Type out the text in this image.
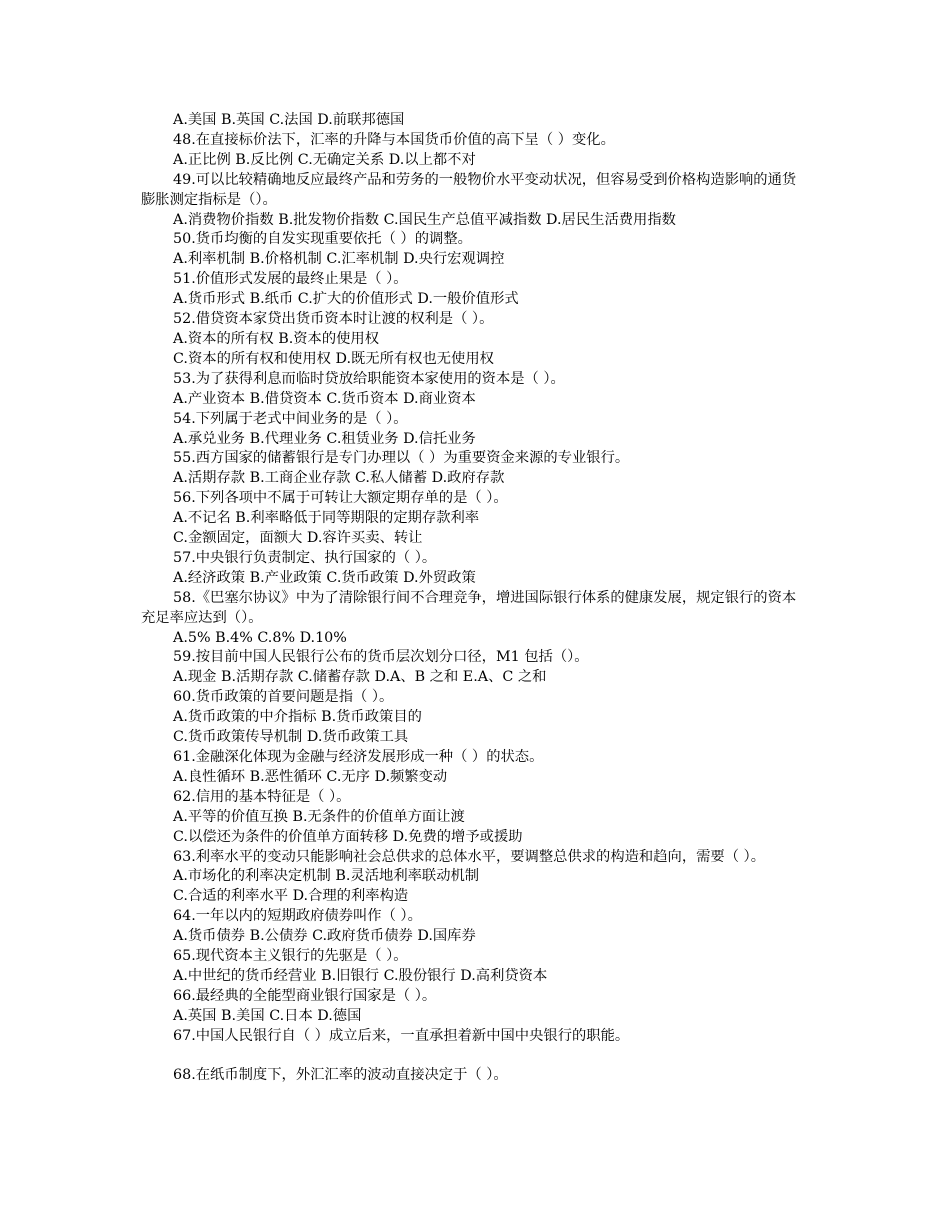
A.美国 B.英国 C.法国 D.前联邦德国

48.在直接标价法下，汇率的升降与本国货币价值的高下呈（ ）变化。

A.正比例 B.反比例 C.无确定关系 D.以上都不对

49.可以比较精确地反应最终产品和劳务的一般物价水平变动状况，但容易受到价格构造影响的通货膨胀测定指标是（）。

A.消费物价指数 B.批发物价指数 C.国民生产总值平减指数 D.居民生活费用指数

50.货币均衡的自发实现重要依托（ ）的调整。

A.利率机制 B.价格机制 C.汇率机制 D.央行宏观调控

51.价值形式发展的最终止果是（ ）。

A.货币形式 B.纸币 C.扩大的价值形式 D.一般价值形式

52.借贷资本家贷出货币资本时让渡的权利是（ ）。

A.资本的所有权 B.资本的使用权

C.资本的所有权和使用权 D.既无所有权也无使用权

53.为了获得利息而临时贷放给职能资本家使用的资本是（ ）。

A.产业资本 B.借贷资本 C.货币资本 D.商业资本

54.下列属于老式中间业务的是（ ）。

A.承兑业务 B.代理业务 C.租赁业务 D.信托业务

55.西方国家的储蓄银行是专门办理以（ ）为重要资金来源的专业银行。

A.活期存款 B.工商企业存款 C.私人储蓄 D.政府存款

56.下列各项中不属于可转让大额定期存单的是（ ）。

A.不记名 B.利率略低于同等期限的定期存款利率

C.金额固定，面额大 D.容许买卖、转让

57.中央银行负责制定、执行国家的（ ）。

A.经济政策 B.产业政策 C.货币政策 D.外贸政策

58.《巴塞尔协议》中为了清除银行间不合理竞争，增进国际银行体系的健康发展，规定银行的资本充足率应达到（）。

A.5% B.4% C.8% D.10%

59.按目前中国人民银行公布的货币层次划分口径，M1 包括（）。

A.现金 B.活期存款 C.储蓄存款 D.A、B 之和 E.A、C 之和

60.货币政策的首要问题是指（ ）。

A.货币政策的中介指标 B.货币政策目的

C.货币政策传导机制 D.货币政策工具

61.金融深化体现为金融与经济发展形成一种（ ）的状态。

A.良性循环 B.恶性循环 C.无序 D.频繁变动

62.信用的基本特征是（ ）。

A.平等的价值互换 B.无条件的价值单方面让渡

C.以偿还为条件的价值单方面转移 D.免费的增予或援助

63.利率水平的变动只能影响社会总供求的总体水平，要调整总供求的构造和趋向，需要（ ）。

A.市场化的利率决定机制 B.灵活地利率联动机制

C.合适的利率水平 D.合理的利率构造

64.一年以内的短期政府债券叫作（ ）。

A.货币债券 B.公债券 C.政府货币债券 D.国库券

65.现代资本主义银行的先驱是（ ）。

A.中世纪的货币经营业 B.旧银行 C.股份银行 D.高利贷资本

66.最经典的全能型商业银行国家是（ ）。

A.英国 B.美国 C.日本 D.德国

67.中国人民银行自（ ）成立后来，一直承担着新中国中央银行的职能。

68.在纸币制度下，外汇汇率的波动直接决定于（ ）。
